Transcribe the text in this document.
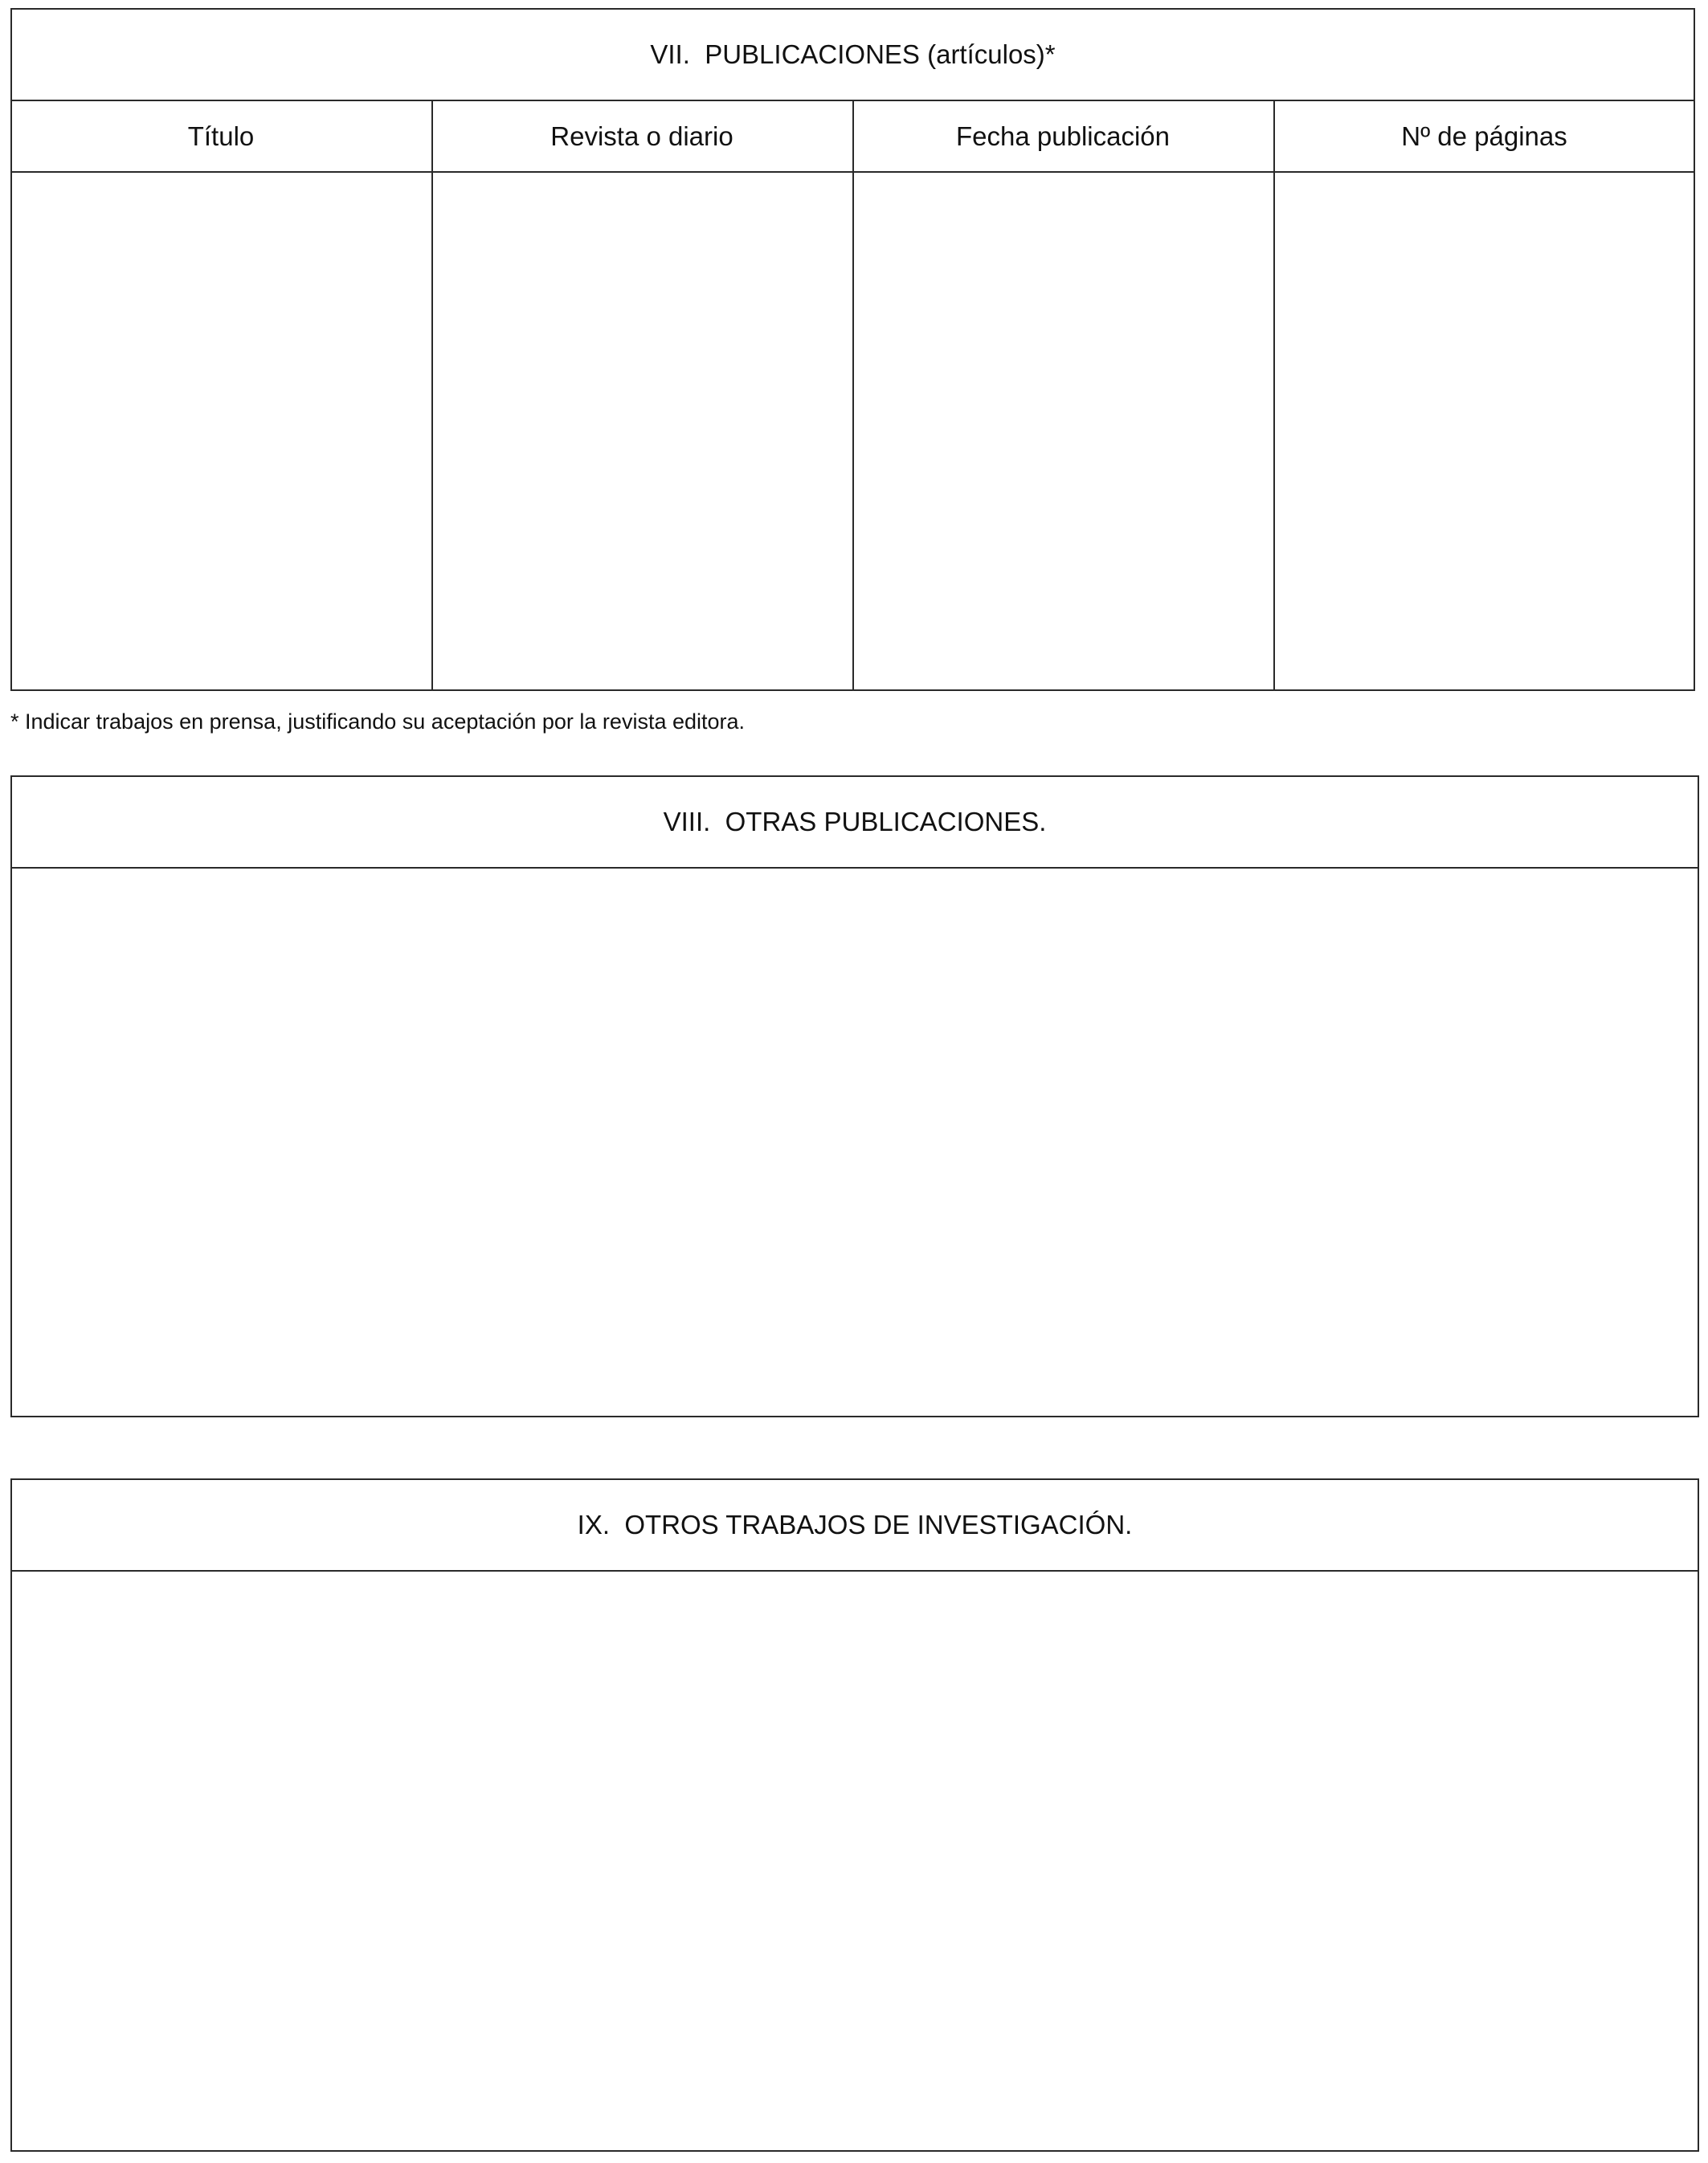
VII.  PUBLICACIONES (artículos)*
Título	Revista o diario	Fecha publicación	Nº de páginas
* Indicar trabajos en prensa, justificando su aceptación por la revista editora.
VIII.  OTRAS PUBLICACIONES.
IX.  OTROS TRABAJOS DE INVESTIGACIÓN.
